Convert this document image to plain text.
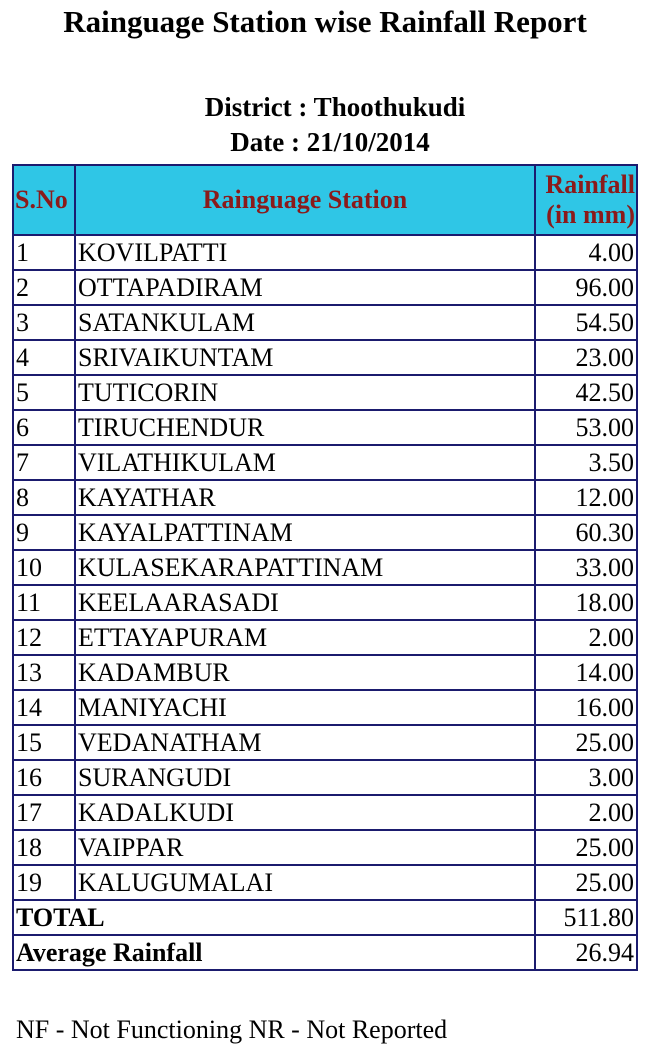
Rainguage Station wise Rainfall Report
District : Thoothukudi
Date : 21/10/2014
S.No	Rainguage Station	Rainfall
(in mm)

1	KOVILPATTI	4.00
2	OTTAPADIRAM	96.00
3	SATANKULAM	54.50
4	SRIVAIKUNTAM	23.00
5	TUTICORIN	42.50
6	TIRUCHENDUR	53.00
7	VILATHIKULAM	3.50
8	KAYATHAR	12.00
9	KAYALPATTINAM	60.30
10	KULASEKARAPATTINAM	33.00
11	KEELAARASADI	18.00
12	ETTAYAPURAM	2.00
13	KADAMBUR	14.00
14	MANIYACHI	16.00
15	VEDANATHAM	25.00
16	SURANGUDI	3.00
17	KADALKUDI	2.00
18	VAIPPAR	25.00
19	KALUGUMALAI	25.00
TOTAL		511.80
Average Rainfall		26.94
NF - Not Functioning NR - Not Reported
